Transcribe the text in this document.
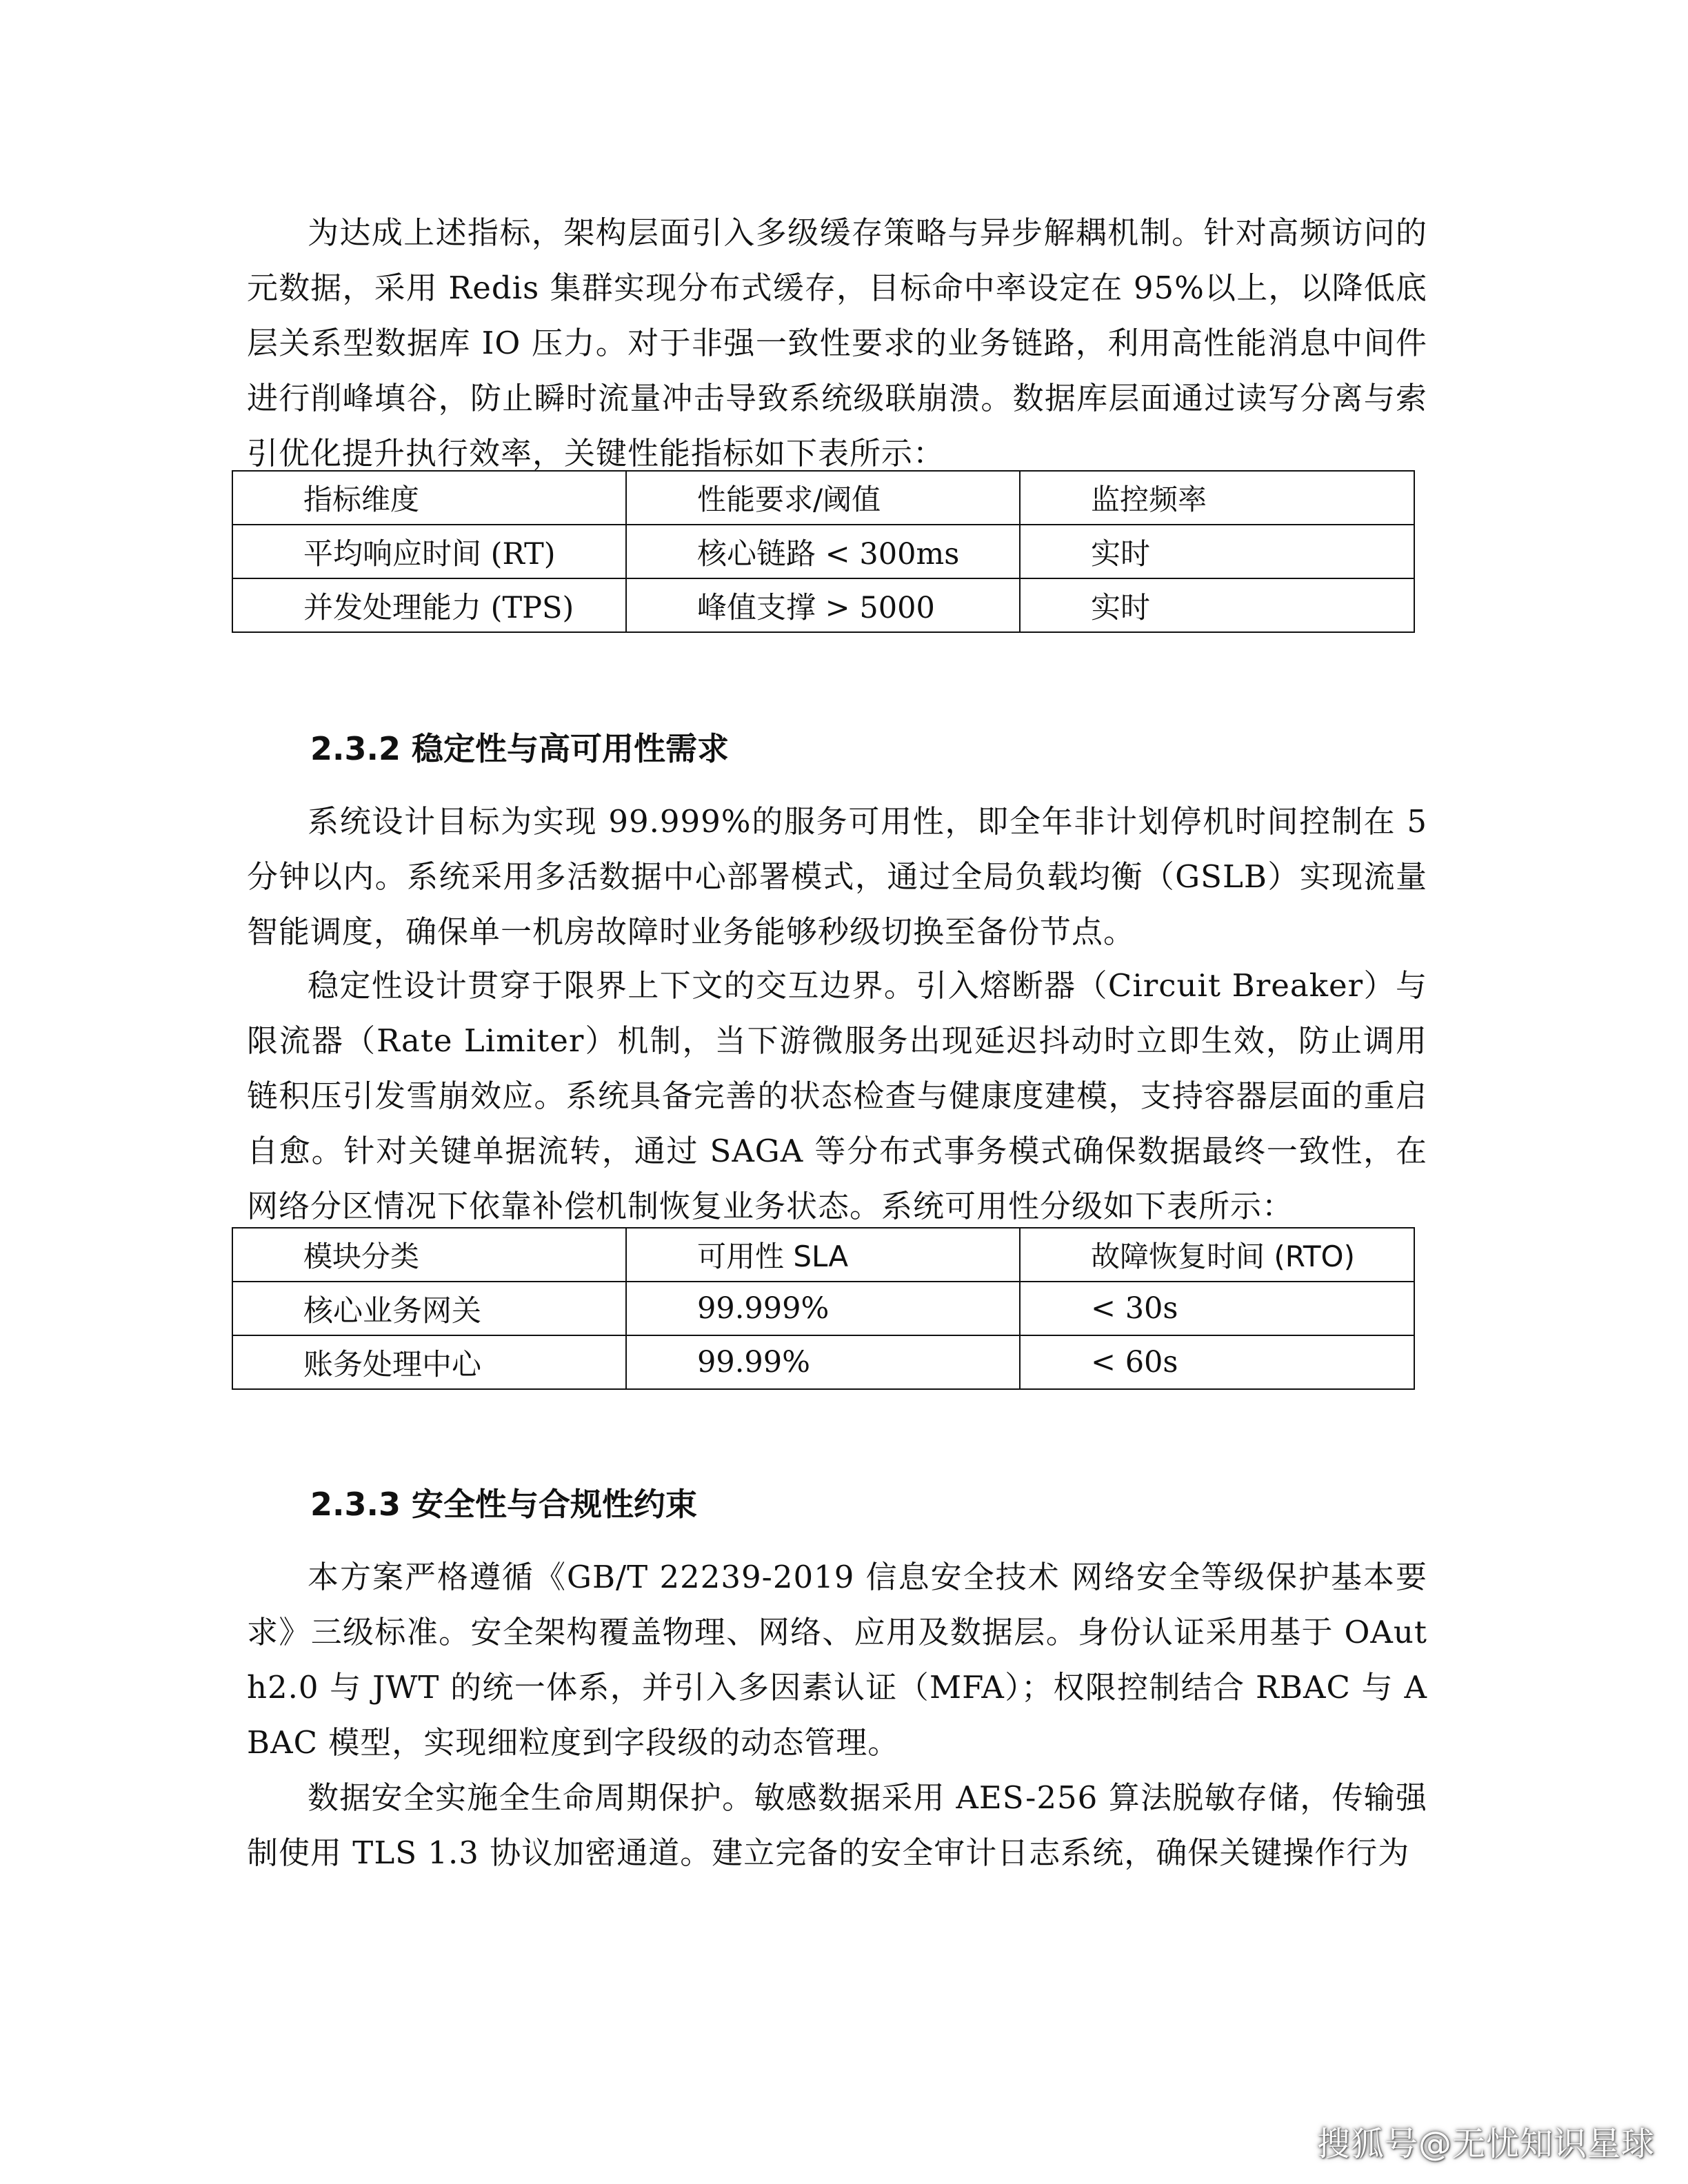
为达成上述指标，架构层面引入多级缓存策略与异步解耦机制。针对高频访问的元数据，采用 Redis 集群实现分布式缓存，目标命中率设定在 95%以上，以降低底层关系型数据库 IO 压力。对于非强一致性要求的业务链路，利用高性能消息中间件进行削峰填谷，防止瞬时流量冲击导致系统级联崩溃。数据库层面通过读写分离与索引优化提升执行效率，关键性能指标如下表所示：

指标维度	性能要求/阈值	监控频率
平均响应时间 (RT)	核心链路 < 300ms	实时
并发处理能力 (TPS)	峰值支撑 > 5000	实时
2.3.2 稳定性与高可用性需求

系统设计目标为实现 99.999%的服务可用性，即全年非计划停机时间控制在 5 分钟以内。系统采用多活数据中心部署模式，通过全局负载均衡（GSLB）实现流量智能调度，确保单一机房故障时业务能够秒级切换至备份节点。

稳定性设计贯穿于限界上下文的交互边界。引入熔断器（Circuit Breaker）与限流器（Rate Limiter）机制，当下游微服务出现延迟抖动时立即生效，防止调用链积压引发雪崩效应。系统具备完善的状态检查与健康度建模，支持容器层面的重启自愈。针对关键单据流转，通过 SAGA 等分布式事务模式确保数据最终一致性，在网络分区情况下依靠补偿机制恢复业务状态。系统可用性分级如下表所示：

模块分类	可用性 SLA	故障恢复时间 (RTO)
核心业务网关	99.999%	< 30s
账务处理中心	99.99%	< 60s
2.3.3 安全性与合规性约束

本方案严格遵循《GB/T 22239-2019 信息安全技术 网络安全等级保护基本要求》三级标准。安全架构覆盖物理、网络、应用及数据层。身份认证采用基于 OAuth2.0 与 JWT 的统一体系，并引入多因素认证（MFA）；权限控制结合 RBAC 与 ABAC 模型，实现细粒度到字段级的动态管理。

数据安全实施全生命周期保护。敏感数据采用 AES-256 算法脱敏存储，传输强制使用 TLS 1.3 协议加密通道。建立完备的安全审计日志系统，确保关键操作行为

搜狐号@无忧知识星球
